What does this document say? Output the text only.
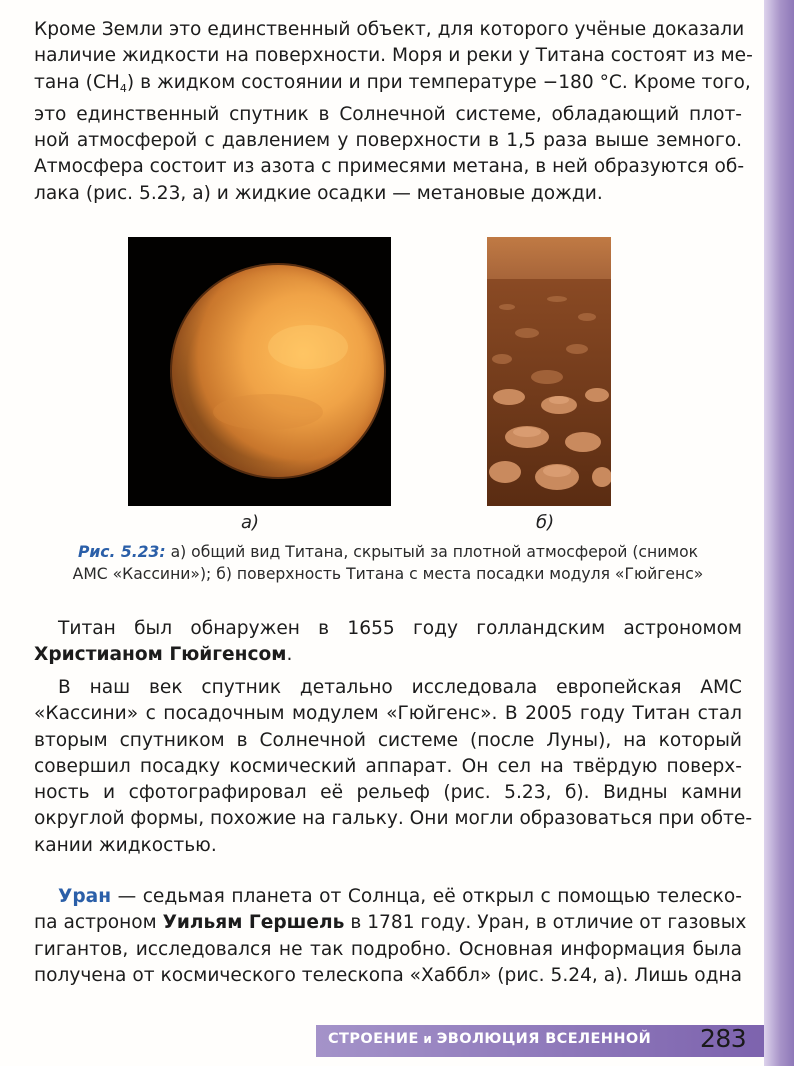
Кроме Земли это единственный объект, для которого учёные доказали
наличие жидкости на поверхности. Моря и реки у Титана состоят из ме-
тана $(CH_4)$ в жидком состоянии и при температуре −180 °C. Кроме того,
это единственный спутник в Солнечной системе, обладающий плот-
ной атмосферой с давлением у поверхности в 1,5 раза выше земного.
Атмосфера состоит из азота с примесями метана, в ней образуются об-
лака (рис. 5.23, а) и жидкие осадки — метановые дожди.
а)	б)
Рис. 5.23: а) общий вид Титана, скрытый за плотной атмосферой (снимок
АМС «Кассини»); б) поверхность Титана с места посадки модуля «Гюйгенс»
Титан был обнаружен в 1655 году голландским астрономом
Христианом Гюйгенсом.
В наш век спутник детально исследовала европейская АМС
«Кассини» с посадочным модулем «Гюйгенс». В 2005 году Титан стал
вторым спутником в Солнечной системе (после Луны), на который
совершил посадку космический аппарат. Он сел на твёрдую поверх-
ность и сфотографировал её рельеф (рис. 5.23, б). Видны камни
округлой формы, похожие на гальку. Они могли образоваться при обте-
кании жидкостью.
Уран — седьмая планета от Солнца, её открыл с помощью телеско-
па астроном Уильям Гершель в 1781 году. Уран, в отличие от газовых
гигантов, исследовался не так подробно. Основная информация была
получена от космического телескопа «Хаббл» (рис. 5.24, а). Лишь одна
СТРОЕНИЕ и ЭВОЛЮЦИЯ ВСЕЛЕННОЙ 283
